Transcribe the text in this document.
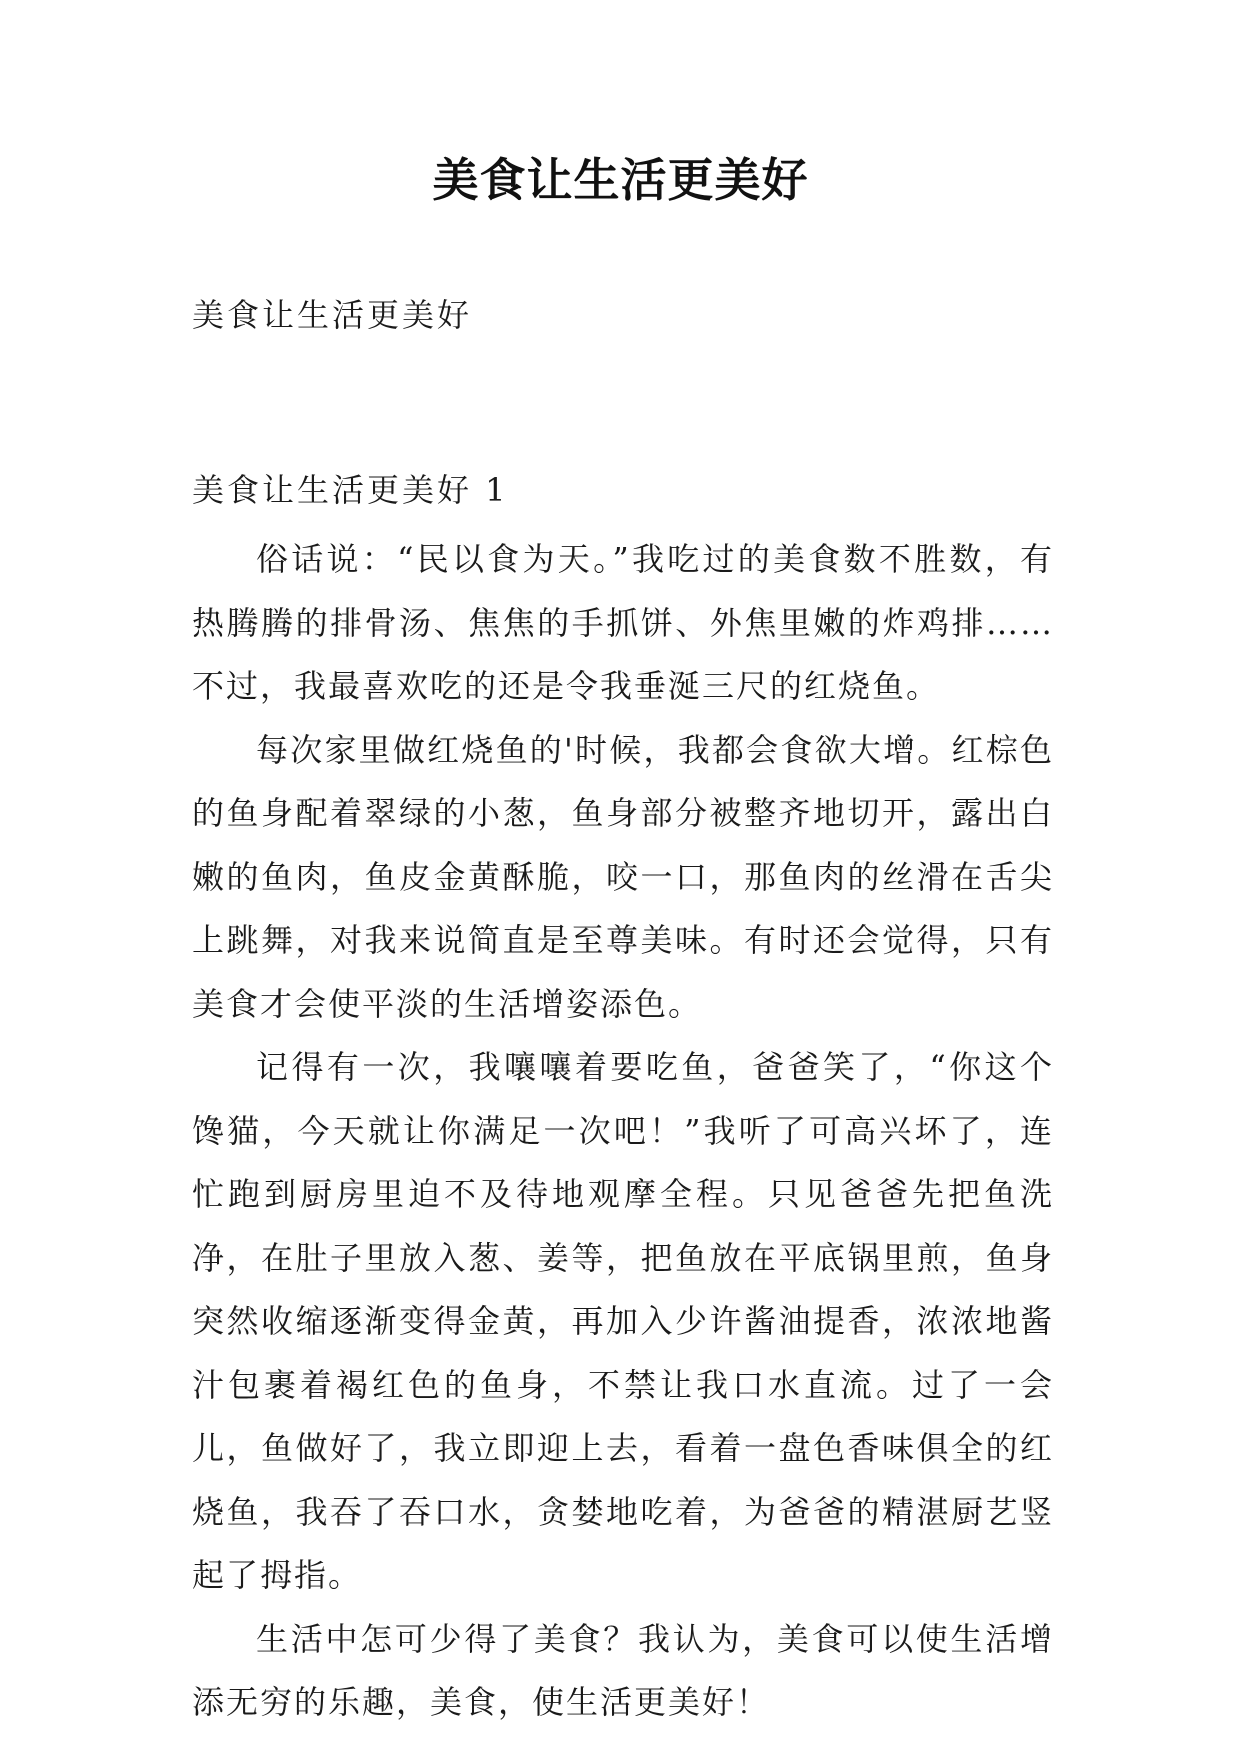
美食让生活更美好
美食让生活更美好
美食让生活更美好 1

俗话说：“民以食为天。”我吃过的美食数不胜数，有热腾腾的排骨汤、焦焦的手抓饼、外焦里嫩的炸鸡排……不过，我最喜欢吃的还是令我垂涎三尺的红烧鱼。

每次家里做红烧鱼的'时候，我都会食欲大增。红棕色的鱼身配着翠绿的小葱，鱼身部分被整齐地切开，露出白嫩的鱼肉，鱼皮金黄酥脆，咬一口，那鱼肉的丝滑在舌尖上跳舞，对我来说简直是至尊美味。有时还会觉得，只有美食才会使平淡的生活增姿添色。

记得有一次，我嚷嚷着要吃鱼，爸爸笑了，“你这个馋猫，今天就让你满足一次吧！”我听了可高兴坏了，连忙跑到厨房里迫不及待地观摩全程。只见爸爸先把鱼洗净，在肚子里放入葱、姜等，把鱼放在平底锅里煎，鱼身突然收缩逐渐变得金黄，再加入少许酱油提香，浓浓地酱汁包裹着褐红色的鱼身，不禁让我口水直流。过了一会儿，鱼做好了，我立即迎上去，看着一盘色香味俱全的红烧鱼，我吞了吞口水，贪婪地吃着，为爸爸的精湛厨艺竖起了拇指。

生活中怎可少得了美食？我认为，美食可以使生活增添无穷的乐趣，美食，使生活更美好！
